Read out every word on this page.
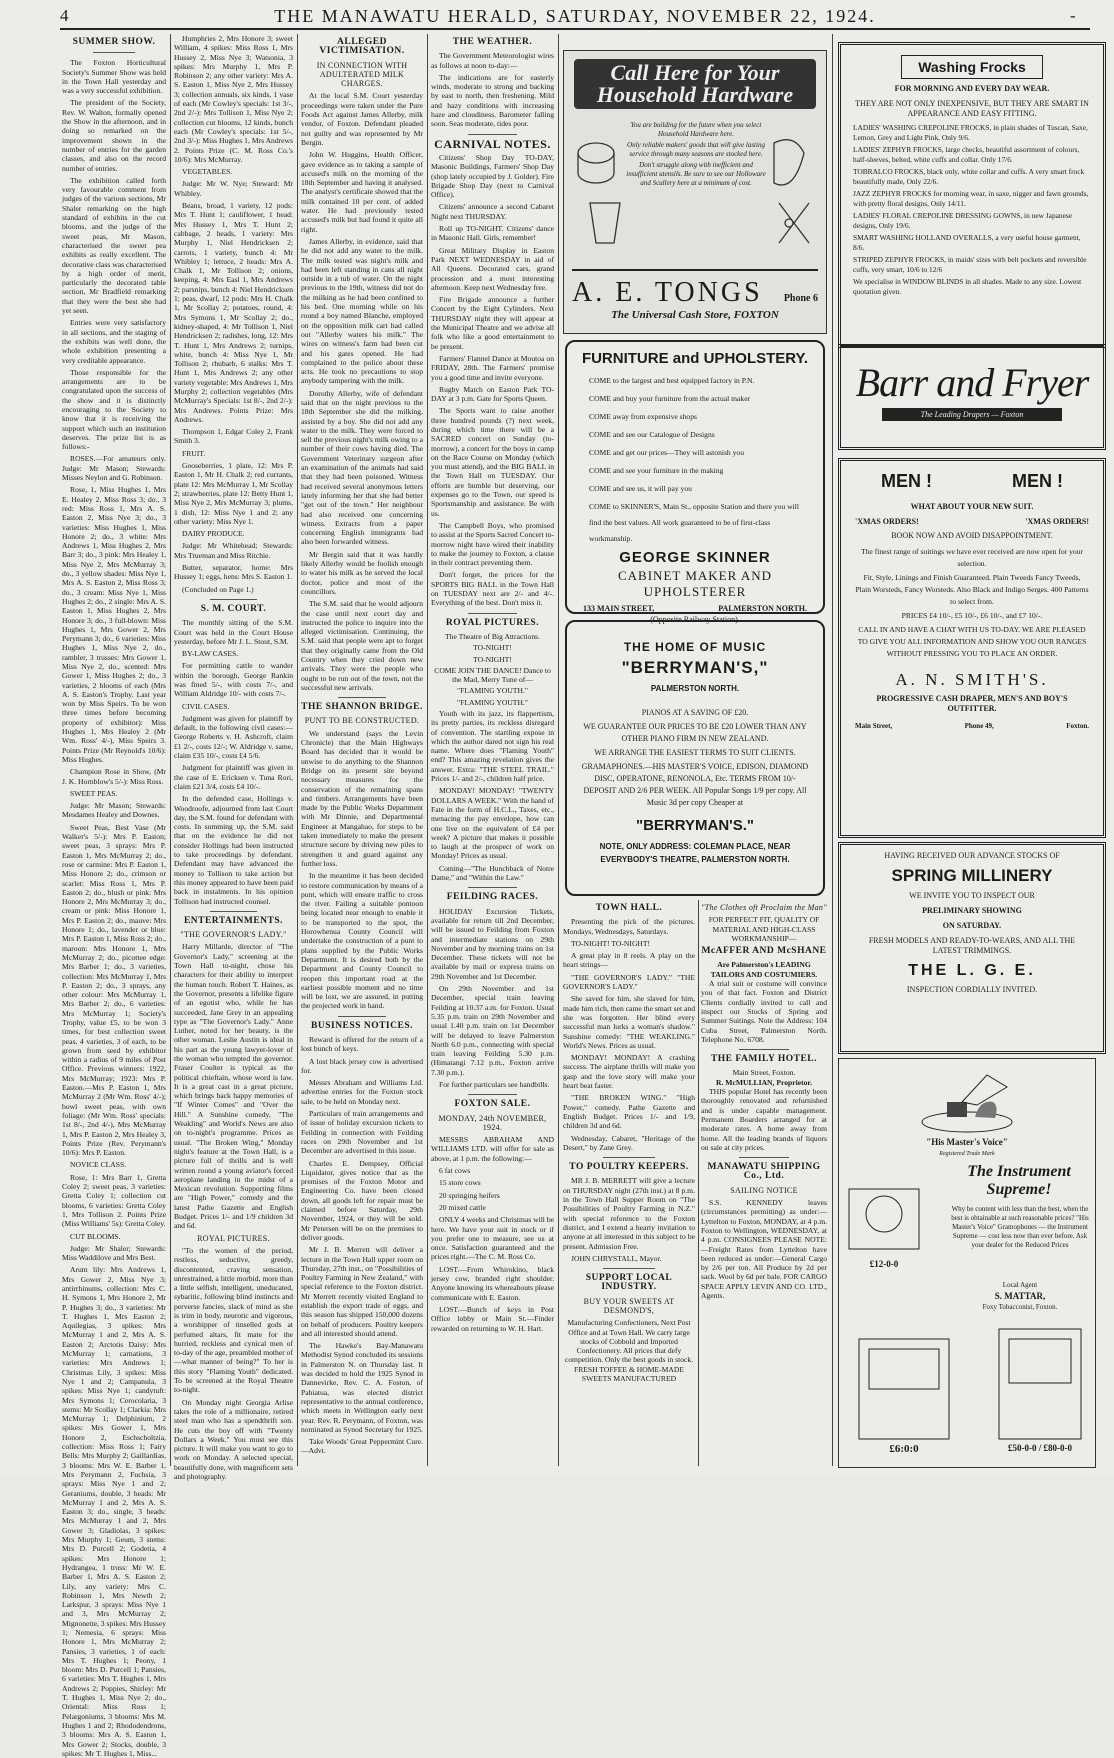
4	THE MANAWATU HERALD, SATURDAY, NOVEMBER 22, 1924.	-
SUMMER SHOW.

The Foxton Horticultural Society's Summer Show was held in the Town Hall yesterday and was a very successful exhibition.

The president of the Society, Rev. W. Walton, formally opened the Show in the afternoon, and in doing so remarked on the improvement shown in the number of entries for the garden classes, and also on the record number of entries.

The exhibition called forth very favourable comment from judges of the various sections, Mr Shaler remarking on the high standard of exhibits in the cut blooms, and the judge of the sweet peas, Mr Mason, characterised the sweet pea exhibits as really excellent. The decorative class was characterised by a high order of merit, particularly the decorated table section, Mr Bradfield remarking that they were the best she had yet seen.

Entries were very satisfactory in all sections, and the staging of the exhibits was well done, the whole exhibition presenting a very creditable appearance.

Those responsible for the arrangements are to be congratulated upon the success of the show and it is distinctly encouraging to the Society to know that it is receiving the support which such an institution deserves. The prize list is as follows:-

ROSES.—For amateurs only. Judge: Mr Mason; Stewards: Misses Neylon and G. Robinson.

Rose, 1, Miss Hughes 1, Mrs E. Healey 2, Miss Ross 3; do., 3 red: Miss Ross 1, Mrs A. S. Easton 2, Miss Nye 3; do., 3 varieties: Miss Hughes 1, Miss Honore 2; do., 3 white: Mrs Andrews 1, Miss Hughes 2, Mrs Barr 3; do., 3 pink: Mrs Healey 1, Miss Nye 2, Mrs McMurray 3; do., 3 yellow shades: Miss Nye 1, Mrs A. S. Easton 2, Miss Ross 3; do., 3 cream: Miss Nye 1, Miss Hughes 2; do., 2 single: Mrs A. S. Easton 1, Miss Hughes 2, Mrs Honore 3; do., 3 full-blown: Miss Hughes 1, Mrs Gower 2, Mrs Perymann 3; do., 6 varieties: Miss Hughes 1, Miss Nye 2, do., rambler, 3 trusses: Mrs Gower 1, Miss Nye 2, do., scented: Mrs Gower 1, Miss Hughes 2; do., 3 varieties, 2 blooms of each (Mrs A. S. Easton's Trophy. Last year won by Miss Speirs. To be won three times before becoming property of exhibitor): Miss Hughes 1, Mrs Healey 2 (Mr Wm. Ross' 4/-), Miss Speirs 3. Points Prize (Mr Reynold's 10/6): Miss Hughes.

Champion Rose in Show, (Mr J. K. Hornblow's 5/-): Miss Ross.

SWEET PEAS.

Judge: Mr Mason; Stewards: Mesdames Healey and Downes.

Sweet Peas, Best Vase (Mr Walker's 5/-): Mrs P. Easton; sweet peas, 3 sprays: Mrs P. Easton 1, Mrs McMurray 2; do., rose or carmine: Mrs P. Easton 1, Miss Honore 2; do., crimson or scarlet: Miss Ross 1, Mrs P. Easton 2; do., blush or pink: Mrs Honore 2, Mrs McMurray 3; do., cream or pink: Miss Honore 1, Mrs P. Easton 2; do., mauve: Mrs Honore 1; do., lavender or blue: Mrs P. Easton 1, Miss Ross 2; do., maroon: Mrs Honore 1, Mrs McMurray 2; do., picottee edge: Mrs Barber 1; do., 3 varieties, collection: Mrs McMurray 1, Mrs P. Easton 2; do., 3 sprays, any other colour: Mrs McMurray 1, Mrs Barber 2; do., 6 varieties: Mrs McMurray 1; Society's Trophy, value £5, to be won 3 times, for best collection sweet peas, 4 varieties, 3 of each, to be grown from seed by exhibitor within a radius of 9 miles of Post Office. Previous winners: 1922, Mrs McMurray; 1923: Mrs P. Easton.—Mrs P. Easton 1, Mrs McMurray 2 (Mr Wm. Ross' 4/-); bowl sweet peas, with own foliage: (Mr Wm. Ross' specials: 1st 8/-, 2nd 4/-), Mrs McMurray 1, Mrs P. Easton 2, Mrs Healey 3, Points Prize (Rev. Perymann's 10/6): Mrs P. Easton.

NOVICE CLASS.

Rose, 1: Mrs Barr 1, Gretta Coley 2; sweet peas, 3 varieties: Gretta Coley 1; collection cut blooms, 6 varieties: Gretta Coley 1, Mrs Tollison 2. Points Prize (Miss Williams' 5s): Gretta Coley.

CUT BLOOMS.

Judge: Mr Shaler; Stewards: Miss Waddilove and Mrs Best.

Arum lily: Mrs Andrews 1, Mrs Gower 2, Miss Nye 3; antirrhinums, collection: Mrs C. H. Symons 1, Mrs Honore 2, Mr P. Hughes 3; do., 3 varieties: Mr T. Hughes 1, Mrs Easton 2; Aquilegias, 3 spikes: Mrs McMurray 1 and 2, Mrs A. S. Easton 2; Arctotis Daisy: Mrs McMurray 1; carnations, 3 varieties: Mrs Andrews 1; Christmas Lily, 3 spikes: Miss Nye 1 and 2; Campanula, 3 spikes: Miss Nye 1; candytuft: Mrs Symons 1; Cerocolaria, 3 stems: Mr Scollay 1; Clarkia: Mrs McMurray 1; Delphinium, 2 spikes: Mrs Gower 1, Mrs Honore 2, Eschscholtzia, collection: Miss Ross 1; Fairy Bells: Mrs Murphy 2; Gaillardias, 3 blooms: Mrs W. E. Barber 1, Mrs Perymann 2, Fuchsia, 3 sprays: Miss Nye 1 and 2; Geraniums, double, 3 heads: Mr McMurray 1 and 2, Mrs A. S. Easton 3; do., single, 3 heads: Mrs McMurray 1 and 2, Mrs Gower 3; Gladiolas, 3 spikes: Mrs Murphy 1; Geum, 3 stems: Mrs D. Purcell 2; Godetia, 4 spikes: Mrs Honore 1; Hydrangea, 1 truss: Mr W. E. Barber 1, Mrs A. S. Easton 2; Lily, any variety: Mrs C. Robinson 1, Mrs Newth 2; Larkspur, 3 sprays: Miss Nye 1 and 3, Mrs McMurray 2; Mignonette, 3 spikes: Mrs Hussey 1; Nemesia, 6 sprays: Miss Honore 1, Mrs McMurray 2; Pansies, 3 varieties, 1 of each: Mrs T. Hughes 1; Peony, 1 bloom: Mrs D. Purcell 1; Pansies, 6 varieties: Mrs T. Hughes 1, Mrs Andrews 2; Poppies, Shirley: Mr T. Hughes 1, Miss Nye 2; do., Oriental: Miss Ross 1; Pelargoniums, 3 blooms: Mrs M. Hughes 1 and 2; Rhododendrons, 3 blooms: Mrs A. S. Easton 1, Mrs Gower 2; Stocks, double, 3 spikes: Mr T. Hughes 1, Miss...

Humphries 2, Mrs Honore 3; sweet William, 4 spikes: Miss Ross 1, Mrs Hussey 2, Miss Nye 3; Watsonia, 3 spikes: Mrs Murphy 1, Mrs P. Robinson 2; any other variety: Mrs A. S. Easton 1, Miss Nye 2, Mrs Hussey 3; collection annuals, six kinds, 1 vase of each (Mr Cowley's specials: 1st 3/-, 2nd 2/-): Mrs Tollison 1, Miss Nye 2; collection cut blooms, 12 kinds, bunch each (Mr Cowley's specials: 1st 5/-, 2nd 3/-): Miss Hughes 1, Mrs Andrews 2. Points Prize (C. M. Ross Co.'s 10/6): Mrs McMurray.

VEGETABLES.

Judge: Mr W. Nye; Steward: Mr Whibley.

Beans, broad, 1 variety, 12 pods: Mrs T. Hunt 1; cauliflower, 1 head: Mrs Hussey 1, Mrs T. Hunt 2; cabbage, 2 heads, 1 variety: Mrs Murphy 1, Niel Hendricksen 2; carrots, 1 variety, bunch 4: Mr Whibley 1; lettuce, 2 heads: Mrs A. Chalk 1, Mr Tollison 2; onions, keeping, 4: Mrs Easl 1, Mrs Andrews 2; parsnips, bunch 4: Niel Hendricksen 1; peas, dwarf, 12 pods: Mrs H. Chalk 1, Mr Scollay 2; potatoes, round, 4: Mrs Symons 1, Mr Scollay 2; do., kidney-shaped, 4: Mr Tollison 1, Niel Hendricksen 2; radishes, long, 12: Mrs T. Hunt 1, Mrs Andrews 2; turnips, white, bunch 4: Miss Nye 1, Mr Tollison 2; rhubarb, 6 stalks: Mrs T. Hunt 1, Mrs Andrews 2; any other variety vegetable: Mrs Andrews 1, Mrs Murphy 2; collection vegetables (Mrs McMurray's Specials: 1st 8/-, 2nd 2/-): Mrs Andrews. Points Prize: Mrs Andrews.

Thompson 1, Edgar Coley 2, Frank Smith 3.

FRUIT.

Gooseberries, 1 plate, 12: Mrs P. Easton 1, Mr H. Chalk 2; red currants, plate 12: Mrs McMurray 1, Mr Scollay 2; strawberries, plate 12: Betty Hunt 1, Miss Nye 2, Mrs McMurray 3; plums, 1 dish, 12: Miss Nye 1 and 2; any other variety: Miss Nye 1.

DAIRY PRODUCE.

Judge: Mr Whitehead; Stewards: Mrs Trueman and Miss Ritchie.

Butter, separator, home: Mrs Hussey 1; eggs, hens: Mrs S. Easton 1.

(Concluded on Page 1.)

S. M. COURT.

The monthly sitting of the S.M. Court was held in the Court House yesterday, before Mr J. L. Stout, S.M.

BY-LAW CASES.

For permitting cattle to wander within the borough, George Rankin was fined 5/-, with costs 7/-, and William Aldridge 10/- with costs 7/-.

CIVIL CASES.

Judgment was given for plaintiff by default, in the following civil cases:—George Roberts v. H. Ashcroft, claim £1 2/-, costs 12/-; W. Aldridge v. same, claim £35 10/-, costs £4 5/6.

Judgment for plaintiff was given in the case of E. Ericksen v. Tuna Rori, claim £21 3/4, costs £4 10/-.

In the defended case, Hollings v. Woodroofe, adjourned from last Court day, the S.M. found for defendant with costs. In summing up, the S.M. said that on the evidence he did not consider Hollings had been instructed to take proceedings by defendant. Defendant may have advanced the money to Tollison to take action but this money appeared to have been paid back in instalments. In his opinion Tollison had instructed counsel.

ENTERTAINMENTS.
"THE GOVERNOR'S LADY."

Harry Millarde, director of "The Governor's Lady," screening at the Town Hall to-night, chose his characters for their ability to interpret the human touch. Robert T. Haines, as the Governor, presents a lifelike figure of an egotist who, while he has succeeded, Jane Grey in an appealing type as "The Governor's Lady." Anne Luther, noted for her beauty, is the other woman. Leslie Austin is ideal in his part as the young lawyer-lover of the woman who tempted the governor. Fraser Coulter is typical as the political chieftain, whose word is law. It is a great cast in a great picture, which brings back happy memories of "If Winter Comes" and "Over the Hill." A Sunshine comedy, "The Weakling" and World's News are also on to-night's programme. Prices as usual. "The Broken Wing," Monday night's feature at the Town Hall, is a picture full of thrills and is well written round a young aviator's forced aeroplane landing in the midst of a Mexican revolution. Supporting films are "High Power," comedy and the latest Pathe Gazette and English Budget. Prices 1/- and 1/9 children 3d and 6d.

ROYAL PICTURES.

"To the women of the period, restless, seductive, greedy, discontented, craving sensation, unrestrained, a little morbid, more than a little selfish, intelligent, uneducated, sybaritic, following blind instincts and perverse fancies, slack of mind as she is trim in body, neurotic and vigorous, a worshipper of tinselled gods at perfumed altars, fit mate for the hurried, reckless and cynical men of to-day of the age, preambled mother of—what manner of being?" To her is this story "Flaming Youth" dedicated. To be screened at the Royal Theatre to-night.

On Monday night Georgia Arlise takes the role of a millionaire, retired steel man who has a spendthrift son. He cuts the boy off with "Twenty Dollars a Week." You must see this picture. It will make you want to go to work on Monday. A selected special, beautifully done, with magnificent sets and photography.

ALLEGED VICTIMISATION.
IN CONNECTION WITH ADULTERATED MILK CHARGES.

At the local S.M. Court yesterday proceedings were taken under the Pure Foods Act against James Allerby, milk vendor, of Foxton. Defendant pleaded not guilty and was represented by Mr Bergin.

John W. Huggins, Health Officer, gave evidence as to taking a sample of accused's milk on the morning of the 18th September and having it analysed. The analyst's certificate showed that the milk contained 10 per cent. of added water. He had previously tested accused's milk but had found it quite all right.

James Allerby, in evidence, said that he did not add any water to the milk. The milk tested was night's milk and had been left standing in cans all night outside in a tub of water. On the night previous to the 19th, witness did not do the milking as he had been confined to his bed. One morning while on his round a boy named Blanche, employed on the opposition milk cart had called out "Allerby waters his milk." The wires on witness's farm had been cut and his gates opened. He had complained to the police about these acts. He took no precautions to stop anybody tampering with the milk.

Dorothy Allerby, wife of defendant said that on the night previous to the 18th September she did the milking, assisted by a boy. She did not add any water to the milk. They were forced to sell the previous night's milk owing to a number of their cows having died. The Government Veterinary surgeon after an examination of the animals had said that they had been poisoned. Witness had received several anonymous letters lately informing her that she had better "get out of the town." Her neighbour had also received one concerning witness. Extracts from a paper concerning English immigrants had also been forwarded witness.

Mr Bergin said that it was hardly likely Allerby would be foolish enough to water his milk as he served the local doctor, police and most of the councillors.

The S.M. said that he would adjourn the case until next court day and instructed the police to inquire into the alleged victimisation. Continuing, the S.M. said that people were apt to forget that they originally came from the Old Country when they cried down new arrivals. They were the people who ought to be run out of the town, not the successful new arrivals.

THE SHANNON BRIDGE.
PUNT TO BE CONSTRUCTED.

We understand (says the Levin Chronicle) that the Main Highways Board has decided that it would be unwise to do anything to the Shannon Bridge on its present site beyond necessary measures for the conservation of the remaining spans and timbers. Arrangements have been made by the Public Works Department with Mr Dinnie, and Departmental Engineer at Mangahao, for steps to be taken immediately to make the present structure secure by driving new piles to strengthen it and guard against any further loss.

In the meantime it has been decided to restore communication by means of a punt, which will ensure traffic to cross the river. Failing a suitable pontoon being located near enough to enable it to be transported to the spot, the Horowhenua County Council will undertake the construction of a punt to plans supplied by the Public Works Department. It is desired both by the Department and County Council to reopen this important road at the earliest possible moment and no time will be lost, we are assured, in putting the projected work in hand.

BUSINESS NOTICES.

Reward is offered for the return of a lost bunch of keys.

A lost black jersey cow is advertised for.

Messrs Abraham and Williams Ltd. advertise entries for the Foxton stock sale, to be held on Monday next.

Particulars of train arrangements and of issue of holiday excursion tickets to Feilding in connection with Feilding races on 29th November and 1st December are advertised in this issue.

Charles E. Dempsey, Official Liquidator, gives notice that as the premises of the Foxton Motor and Engineering Co. have been closed down, all goods left for repair must be claimed before Saturday, 29th November, 1924, or they will be sold. Mr Petersen will be on the premises to deliver goods.

Mr J. B. Merrett will deliver a lecture in the Town Hall upper room on Thursday, 27th inst., on "Possibilities of Poultry Farming in New Zealand," with special reference to the Foxton district. Mr Merrett recently visited England to establish the export trade of eggs, and this season has shipped 150,000 dozens on behalf of producers. Poultry keepers and all interested should attend.

The Hawke's Bay-Manawatu Methodist Synod concluded its sessions in Palmerston N. on Thursday last. It was decided to hold the 1925 Synod in Dannevirke, Rev. C. A. Foston, of Pahiatua, was elected district representative to the annual conference, which meets in Wellington early next year. Rev. R. Perymann, of Foxton, was nominated as Synod Secretary for 1925.

Take Woods' Great Peppermint Cure.—Advt.

THE WEATHER.

The Government Meteorologist wires as follows at noon to-day:—

The indications are for easterly winds, moderate to strong and backing by east to north, then freshening. Mild and hazy conditions with increasing haze and cloudiness. Barometer falling soon. Seas moderate, tides poor.

CARNIVAL NOTES.

Citizens' Shop Day TO-DAY, Masonic Buildings, Farmers' Shop Day (shop lately occupied by J. Golder). Fire Brigade Shop Day (next to Carnival Office).

Citizens' announce a second Cabaret Night next THURSDAY.

Roll up TO-NIGHT. Citizens' dance in Masonic Hall. Girls, remember!

Great Military Display in Easton Park NEXT WEDNESDAY in aid of All Queens. Decorated cars, grand procession and a most interesting afternoon. Keep next Wednesday free.

Fire Brigade announce a further Concert by the Eight Cylinders. Next THURSDAY night they will appear at the Municipal Theatre and we advise all folk who like a good entertainment to be present.

Farmers' Flannel Dance at Moutoa on FRIDAY, 28th. The Farmers' promise you a good time and invite everyone.

Rugby Match on Easton Park TO-DAY at 3 p.m. Gate for Sports Queen.

The Sports want to raise another three hundred pounds (?) next week, during which time there will be a SACRED concert on Sunday (to-morrow), a concert for the boys in camp on the Race Course on Monday (which you must attend), and the BIG BALL in the Town Hall on TUESDAY. Our efforts are humble but deserving, our expenses go to the Town, our speed is Sportsmanship and assistance. Be with us.

The Campbell Boys, who promised to assist at the Sports Sacred Concert to-morrow night have wired their inability to make the journey to Foxton, a clause in their contract preventing them.

Don't forget, the prices for the SPORTS BIG BALL in the Town Hall on TUESDAY next are 2/- and 4/-. Everything of the best. Don't miss it.

ROYAL PICTURES.
The Theatre of Big Attractions.
TO-NIGHT!
TO-NIGHT!
COME JOIN THE DANCE! Dance to the Mad, Merry Tune of—
"FLAMING YOUTH."
"FLAMING YOUTH."

Youth with its jazz, its flappertism, its pretty parties, its reckless disregard of convention. The startling expose in which the author dared not sign his real name. Where does "Flaming Youth" end? This amazing revelation gives the answer. Extra: "THE STEEL TRAIL." Prices 1/- and 2/-, children half price.

MONDAY! MONDAY! "TWENTY DOLLARS A WEEK." With the hand of Fate in the form of H.C.L., Taxes, etc., menacing the pay envelope, how can one live on the equivalent of £4 per week? A picture that makes it possible to laugh at the prospect of work on Monday! Prices as usual.

Coming—"The Hunchback of Notre Dame," and "Within the Law."

FEILDING RACES.

HOLIDAY Excursion Tickets, available for return till 2nd December, will be issued to Feilding from Foxton and intermediate stations on 29th November and by morning trains on 1st December. These tickets will not be available by mail or express trains on 29th November and 1st December.

On 29th November and 1st December, special train leaving Feilding at 10.37 a.m. for Foxton. Usual 5.35 p.m. train on 29th November and usual 1.40 p.m. train on 1st December will be delayed to leave Palmerston North 6.0 p.m., connecting with special train leaving Feilding 5.30 p.m. (Himatangi 7.12 p.m., Foxton arrive 7.30 p.m.).

For further particulars see handbills.

FOXTON SALE.
MONDAY, 24th NOVEMBER, 1924.

MESSRS ABRAHAM AND WILLIAMS LTD. will offer for sale as above, at 1 p.m. the following:—

6 fat cows

15 store cows

20 springing heifers

20 mixed cattle

ONLY 4 weeks and Christmas will be here. We have your suit in stock or if you prefer one to measure, see us at once. Satisfaction guaranteed and the prices right.—The C. M. Ross Co.

LOST.—From Whirokino, black jersey cow, branded right shoulder. Anyone knowing its whereabouts please communicate with E. Easton.

LOST.—Bunch of keys in Post Office lobby or Main St.—Finder rewarded on returning to W. H. Hart.

Call Here for Your Household Hardware
You are building for the future when you select Household Hardware here.
Only reliable makers' goods that will give lasting service through many seasons are stocked here.
Don't struggle along with inefficient and insufficient utensils. Be sure to see our Holloware and Scullery here at a minimum of cost.
A. E. TONGS Phone 6
The Universal Cash Store, FOXTON
FURNITURE and UPHOLSTERY.
COME to the largest and best equipped factory in P.N.
COME and buy your furniture from the actual maker
COME away from expensive shops
COME and see our Catalogue of Designs
COME and get our prices—They will astonish you
COME and see your furniture in the making
COME and see us, it will pay you
COME to SKINNER'S, Main St., opposite Station and there you will find the best values. All work guaranteed to be of first-class workmanship.
GEORGE SKINNER
CABINET MAKER AND UPHOLSTERER
133 MAIN STREET,	PALMERSTON NORTH.
(Opposite Railway Station).
THE HOME OF MUSIC
"BERRYMAN'S,"
PALMERSTON NORTH.
PIANOS AT A SAVING OF £20.
WE GUARANTEE OUR PRICES TO BE £20 LOWER THAN ANY OTHER PIANO FIRM IN NEW ZEALAND.
WE ARRANGE THE EASIEST TERMS TO SUIT CLIENTS.
GRAMAPHONES.—HIS MASTER'S VOICE, EDISON, DIAMOND DISC, OPERATONE, RENONOLA, Etc. TERMS FROM 10/- DEPOSIT AND 2/6 PER WEEK. All Popular Songs 1/9 per copy. All Music 3d per copy Cheaper at
"BERRYMAN'S."
NOTE, ONLY ADDRESS: COLEMAN PLACE, NEAR EVERYBODY'S THEATRE, PALMERSTON NORTH.
TOWN HALL.

Presenting the pick of the pictures. Mondays, Wednesdays, Saturdays.

TO-NIGHT! TO-NIGHT!

A great play in 8 reels. A play on the heart strings—

"THE GOVERNOR'S LADY." "THE GOVERNOR'S LADY."

She saved for him, she slaved for him, made him rich, then came the smart set and she was forgotten. Her blind every successful man lurks a woman's shadow." Sunshine comedy: "THE WEAKLING." World's News. Prices as usual.

MONDAY! MONDAY! A crashing success. The airplane thrills will make you gasp and the love story will make your heart beat faster.

"THE BROKEN WING." "High Power," comedy. Pathe Gazette and English Budget. Prices 1/- and 1/9, children 3d and 6d.

Wednesday, Cabaret, "Heritage of the Desert," by Zane Grey.

TO POULTRY KEEPERS.

MR J. B. MERRETT will give a lecture on THURSDAY night (27th inst.) at 8 p.m. in the Town Hall Supper Room on "The Possibilities of Poultry Farming in N.Z." with special reference to the Foxton district, and I extend a hearty invitation to anyone at all interested in this subject to be present. Admission Free.

JOHN CHRYSTALL, Mayor.

SUPPORT LOCAL INDUSTRY.
BUY YOUR SWEETS AT DESMOND'S,
Manufacturing Confectioners, Next Post Office and at Town Hall. We carry large stocks of Cobbold and Imported Confectionery. All prices that defy competition. Only the best goods in stock. FRESH TOFFEE & HOME-MADE SWEETS MANUFACTURED
"The Clothes oft Proclaim the Man"
FOR PERFECT FIT, QUALITY OF MATERIAL AND HIGH-CLASS WORKMANSHIP—
McAFFER AND McSHANE
Are Palmerston's LEADING TAILORS AND COSTUMIERS.

A trial suit or costume will convince you of that fact. Foxton and District Clients cordially invited to call and inspect our Stocks of Spring and Summer Suitings. Note the Address: 104 Cuba Street, Palmerston North. Telephone No. 6708.

THE FAMILY HOTEL.
Main Street, Foxton.
R. McMULLIAN, Proprietor.

THIS popular Hotel has recently been thoroughly renovated and refurnished and is under capable management. Permanent Boarders arranged for at moderate rates. A home away from home. All the leading brands of liquors on sale at city prices.

MANAWATU SHIPPING Co., Ltd.
SAILING NOTICE

S.S. KENNEDY leaves (circumstances permitting) as under:—Lyttelton to Foxton, MONDAY, at 4 p.m. Foxton to Wellington, WEDNESDAY, at 4 p.m. CONSIGNEES PLEASE NOTE:—Freight Rates from Lyttelton have been reduced as under:—General Cargo by 2/6 per ton. All Produce by 2d per sack. Wool by 6d per bale. FOR CARGO SPACE APPLY LEVIN AND CO. LTD., Agents.

"His Master's Voice"
Registered Trade Mark
The Instrument Supreme!
Why be content with less than the best, when the best is obtainable at such reasonable prices? "His Master's Voice" Gramophones — the Instrument Supreme — cost less now than ever before. Ask your dealer for the Reduced Prices
Local Agent
S. MATTAR,
Foxy Tobacconist, Foxton.
£12-0-0
£6:0:0	£50-0-0 / £80-0-0
Washing Frocks
FOR MORNING AND EVERY DAY WEAR.
THEY ARE NOT ONLY INEXPENSIVE, BUT THEY ARE SMART IN APPEARANCE AND EASY FITTING.
LADIES' WASHING CREPOLINE FROCKS, in plain shades of Tuscan, Saxe, Lemon, Grey and Light Pink. Only 9/6.
LADIES' ZEPHYR FROCKS, large checks, beautiful assortment of colours, half-sleeves, belted, white cuffs and collar. Only 17/6.
TOBRALCO FROCKS, black only, white collar and cuffs. A very smart frock beautifully made, Only 22/6.
JAZZ ZEPHYR FROCKS for morning wear, in saxe, nigger and fawn grounds, with pretty floral designs, Only 14/11.
LADIES' FLORAL CREPOLINE DRESSING GOWNS, in new Japanese designs, Only 19/6.
SMART WASHING HOLLAND OVERALLS, a very useful house garment, 8/6.
STRIPED ZEPHYR FROCKS, in maids' sizes with belt pockets and reversible cuffs, very smart, 10/6 to 12/6
We specialise in WINDOW BLINDS in all shades. Made to any size. Lowest quotation given.
Barr and Fryer
The Leading Drapers — Foxton
MEN !	MEN !
WHAT ABOUT YOUR NEW SUIT.
'XMAS ORDERS!	'XMAS ORDERS!
BOOK NOW AND AVOID DISAPPOINTMENT.
The finest range of suitings we have ever received are now open for your selection.
Fit, Style, Linings and Finish Guaranteed. Plain Tweeds Fancy Tweeds, Plain Worsteds, Fancy Worsteds. Also Black and Indigo Serges. 400 Patterns to select from.
PRICES £4 10/-, £5 10/-, £6 10/-, and £7 10/-.
CALL IN AND HAVE A CHAT WITH US TO-DAY. WE ARE PLEASED TO GIVE YOU ALL INFORMATION AND SHOW YOU OUR RANGES WITHOUT PRESSING YOU TO PLACE AN ORDER.
A. N. SMITH'S.
PROGRESSIVE CASH DRAPER, MEN'S AND BOY'S OUTFITTER.
Main Street,	Phone 49,	Foxton.
HAVING RECEIVED OUR ADVANCE STOCKS OF
SPRING MILLINERY
WE INVITE YOU TO INSPECT OUR
PRELIMINARY SHOWING
ON SATURDAY.
FRESH MODELS AND READY-TO-WEARS, AND ALL THE LATEST TRIMMINGS.
THE L. G. E.
INSPECTION CORDIALLY INVITED.
